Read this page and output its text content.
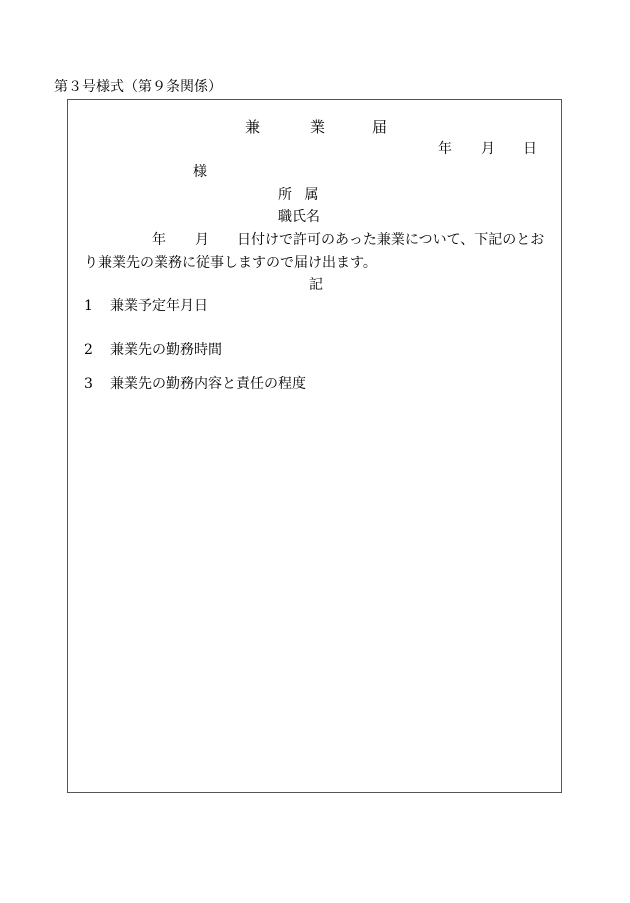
第３号様式（第９条関係）
兼	業	届
年 月 日
様
所 属
職氏名
年 月 日付けで許可のあった兼業について、下記のとお
り兼業先の業務に従事しますので届け出ます。
記
1 兼業予定年月日
2 兼業先の勤務時間
3 兼業先の勤務内容と責任の程度
